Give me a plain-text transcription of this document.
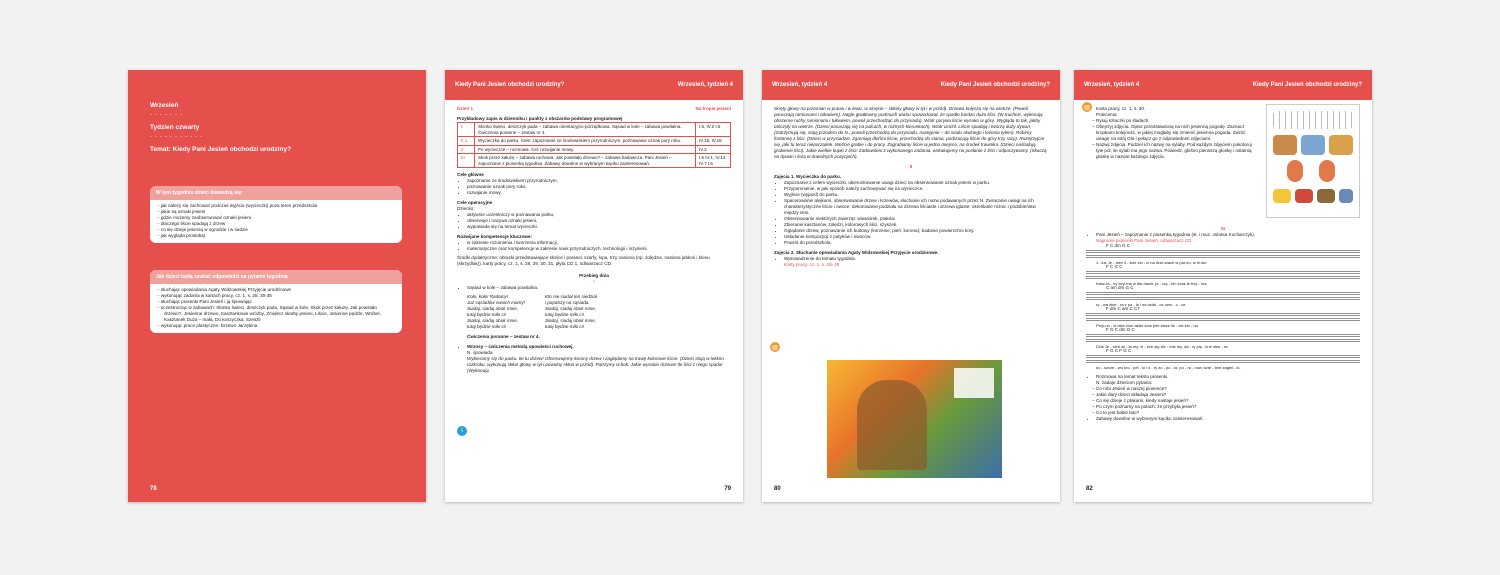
Wrzesień
- - - - - - -
Tydzień czwarty
- - - - - - - - - - -
Temat: Kiedy Pani Jesień obchodzi urodziny?
W tym tygodniu dzieci dowiedzą się:
– jak należy się zachować podczas wyjścia (wycieczki) poza teren przedszkola
– jakie są oznaki jesieni
– gdzie możemy zaobserwować oznaki jesieni
– dlaczego liście spadają z drzew
– co się dzieje jesienią w ogrodzie i w sadzie
– jak wygląda prostokąt
Jak dzieci będą szukać odpowiedzi na pytanie tygodnia
– słuchając opowiadania Agaty Widzowskiej Przyjęcie urodzinowe
– wykonując zadania w kartach pracy, cz. 1, s. 28, 30-35
– słuchając piosenki Pani Jesień i ją śpiewając
– uczestnicząc w zabawach: Słonko świeci, deszczyk pada, Sąsiad w kole, Skok przez kałużę, Jak powstało drzewo?, Jesienne drzewo, Kasztankowe wróżby, Zmiękcz skarby jesieni, Liście, Jesienne pędzle, Wróbel, Kasztanek Duża – mała, Do koszyczka, Szeszli
– wykonując prace plastyczne: Drzewo Jarzębina
78
Kiedy Pani Jesień obchodzi urodziny?	Wrzesień, tydzień 4
Dzień 1	Na tropie jesieni
Przykładowy zapis w dzienniku i punkty z obszarów podstawy programowej
I.	Słonko świeci, deszczyk pada – zabawa orientacyjno-porządkowa. Sąsiad w kole – zabawa powitalna. Ćwiczenia poranne – zestaw nr 4.	I.5, IV.2 I.5
II.1.	Wycieczka do parku. Cele: zapoznanie ze środowiskiem przyrodniczym, poznawanie oznak pory roku.	IV.16, IV.18
2.	Po wycieczce – rozmowa. Cel: rozwijanie mowy.	IV.2
III.	Skok przez kałużę – zabawa ruchowa. Jak powstało drzewo? – zabawa badawcza. Pani Jesień – zapoznanie z piosenką tygodnia. Zabawy dowolne w wybranym kąciku zainteresowań.	I.5 IV.1, IV.13 IV.7 I.6
Cele główne
• zapoznanie ze środowiskiem przyrodniczym,
• poznawanie oznak pory roku,
• rozwijanie mowy.
Cele operacyjne
Dziecko:
• aktywnie uczestniczy w poznawaniu parku,
• obserwuje i nazywa oznaki jesieni,
• wypowiada się na temat wycieczki.
Rozwijane kompetencje kluczowe:
• w zakresie rozumienia i tworzenia informacji,
• matematyczne oraz kompetencje w zakresie nauk przyrodniczych, technologii i inżynierii.
Środki dydaktyczne: obrazki przedstawiające słońce i parasol, szarfy, lupa, trzy nasiona (np. żołędzie, nasiona jabłoni i klonu (skrzydlak)), karty pracy, cz. 1, s. 28, 29, 30, 31, płyta CD 1, odtwarzacz CD.
Przebieg dnia
I
• Sąsiad w kole – zabawa powitalna.
Kolo, koło! Radamy!
Już sąsiadów swoich mamy!
Siadaj, siadaj obok mnie,
tutaj będzie miło ci!
Siadaj, siadaj obok mnie,
tutaj będzie miło ci!
Kto nie siadał ten siedział
i popatrzy na sąsiada.
Siadaj, siadaj obok mnie,
tutaj będzie miło ci!
Siadaj, siadaj obok mnie,
tutaj będzie miło ci!
Ćwiczenia poranne – zestaw nr 4.
• Wrzosy – ćwiczenia metodą opowieści ruchowej.
N. opowiada
Wybieramy się do parku. Ile tu drzew! Obserwujemy korony drzew i zaglądamy na trawę kolorowe liście. (Dzieci stoją w lekkim rozkroku, wykonują skłon głowy w tył i powolny skłon w przód). Patrzymy w bok. Jakie wysokie drzewa! Ile liści z niego spada! (Wykonują
i
79
Wrzesień, tydzień 4	Kiedy Pani Jesień obchodzi urodziny?
skręty głowy na przemian w prawo i w lewo, w skręcie – skłony głowy w tył i w przód). Drzewa kołyszą się na wietrze. (Powoli poruszają ramionami i tułowiem). Nagle gwałtowny podmuch wiatru spowodował, że spadło bardzo dużo liści. (W truchcie, wykonują obszerne ruchy ramionami i tułowiem, powoli przechodząc do przysiadu). Wiatr porywa liście wysoko w górę. Wygląda to tak, jakby tańczyły na wietrze. (Dzieci poruszają się na palcach, w różnych kierunkach). Wiatr ucichł. Liście spadają i tworzą duży dywan. (Zatrzymują się, stają przodem do N., powoli przechodzą do przysiadu, następnie – do siadu skulnego i leżenia tyłem). Robimy fontannę z liści. (Dzieci w przysiadzie, zgarniają dłońmi liście, przechodzą do stania, podrzucają liście do góry trzy razy). Rozejrzyjcie się, jaki tu teraz nieporządek. Weźcie grabie i do pracy. Zagrabiamy liście w jedno miejsce, na środek trawnika. (Dzieci naśladują grabienie liści). Jakie wielkie kupki z liści! Zadowoleni z wykonanego zadania, wskakujemy na posłanie z liści i odpoczywamy. (Skaczą na dywan i leżą w dowolnych pozycjach).
II
Zajęcia 1. Wycieczka do parku.
• Zapoznanie z celem wycieczki, ukierunkowanie uwagi dzieci na obserwowanie oznak jesieni w parku.
• Przypomnienie, w jaki sposób należy zachowywać się na wycieczce.
• Wyjście (wyjazd) do parku.
• Spacerowanie alejkami, obserwowanie drzew i krzewów, słuchanie ich nazw podawanych przez N. Zwracanie uwagi na ich charakterystyczne liście i owoce; dekorowanie podziału na drzewa liściaste i drzewa iglaste; określanie różnic i podobieństw między nimi.
• Obserwowanie niektórych zwierząt: wiewiórek, ptaków.
• Zbieranie kasztanów, żołędzi, kolorowych liści, szyszek.
• Oglądanie drzew, poznawanie ich budowy (korzenie, pień, korona); badanie powierzchni kory.
• Układanie kompozycji z patyków i owoców.
• Powrót do przedszkola.
Zajęcia 2. Słuchanie opowiadania Agaty Widzowskiej Przyjęcie urodzinowe.
• Wprowadzenie do tematu tygodnia.
Karty pracy, cz. 1, s. 28–29.
▤
80
Wrzesień, tydzień 4	Kiedy Pani Jesień obchodzi urodziny?
• Karta pracy, cz. 1, s. 30.
Polecenia:
– Rysuj szlaczki po śladach.
– Obejrzyj zdjęcia. Opisz przedstawioną na nich jesienną pogodę. Zaznacz kropkami kolejność, w jakiej mogłaby się zmienić jesienna pogoda. Zwróć uwagę na strój Ola i pełącz go z odpowiednim zdjęciami.
– Nazwij zdjęcia. Podziel ich nazwy na sylaby. Pod każdym zdjęciem pokoloruj tyle pól, ile sylab ma jego nazwa. Powiedz, głośno pierwszą głoskę i ostatnią głoskę w nazwie każdego zdjęcia.
III
• Pani Jesień – zapoznanie z piosenką tygodnia (sł. i muz. Jolanta Kucharczyk).
Nagranie piosenki Pani Jesień, odtwarzacz CD.
F C dm G C
1. Już Je - sień li - ście zło - ci na drze-wach w par-ku, w le-sie.
F C G C
Kasz-ta - ny trzy-ma w dło-niach, ja - rzę - bin kora-le trzy - ma.
C am dm G C
ry - wa zbie - ra z po - la i na dział - ce owo - c - ce.
F dm C am C C7
Przy-no - si dzie-cion aster-ków pier-wsze liś - cie klo - nu.
F G C dm G C
Dziś Je - sień wi - ta my, ni - ech się śle - mie my, da - ry pię - kne zbie - ra.
F G C F G C
do - szcze - wo kro - pel - ki i o - ry zo - po - la, po - ra - now, szte - bne zagiel - ki.
• Rozmowa na temat tekstu piosenki.
N. zadaje dzieciom pytania:
– Co robi Jesień w naszej piosence?
– Jakie dary dzieci składają Jesieni?
– Co się dzieje z ptakami, kiedy nastaje jesień?
– Po czym poznamy na polach, że przybyła jesień?
– Co to jest babie lato?
• Zabawy dowolne w wybranym kąciku zainteresowań.
▤
82
